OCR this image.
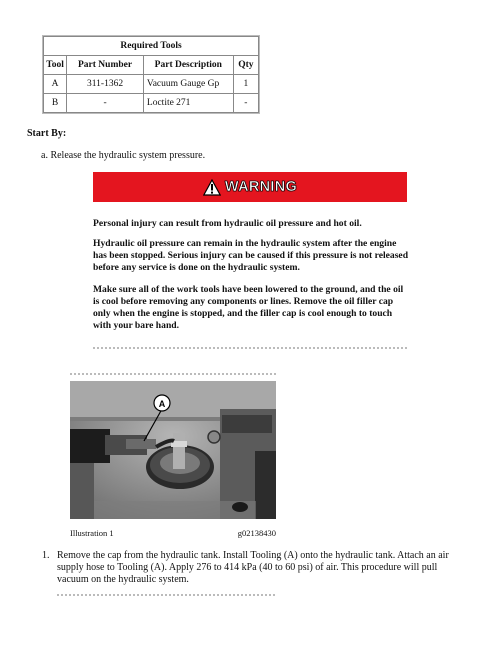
Required Tools			
Tool	Part Number	Part Description	Qty
A	311-1362	Vacuum Gauge Gp	1
B	-	Loctite 271	-
Start By:
a. Release the hydraulic system pressure.
WARNING
Personal injury can result from hydraulic oil pressure and hot oil.
Hydraulic oil pressure can remain in the hydraulic system after the engine has been stopped. Serious injury can be caused if this pressure is not released before any service is done on the hydraulic system.
Make sure all of the work tools have been lowered to the ground, and the oil is cool before removing any components or lines. Remove the oil filler cap only when the engine is stopped, and the filler cap is cool enough to touch with your bare hand.
A
Illustration 1	g02138430
1. Remove the cap from the hydraulic tank. Install Tooling (A) onto the hydraulic tank. Attach an air supply hose to Tooling (A). Apply 276 to 414 kPa (40 to 60 psi) of air. This procedure will pull vacuum on the hydraulic system.
